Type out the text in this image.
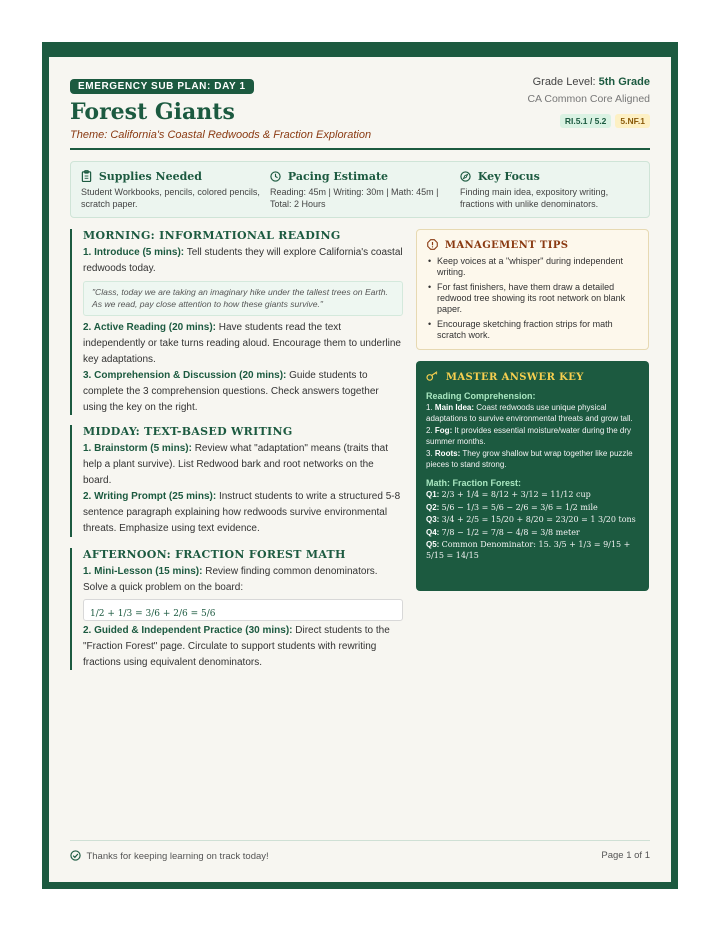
EMERGENCY SUB PLAN: DAY 1
Forest Giants
Theme: California's Coastal Redwoods & Fraction Exploration
Grade Level: 5th Grade
CA Common Core Aligned
RI.5.1 / 5.2 5.NF.1
Supplies Needed
Student Workbooks, pencils, colored pencils, scratch paper.
Pacing Estimate
Reading: 45m | Writing: 30m | Math: 45m | Total: 2 Hours
Key Focus
Finding main idea, expository writing, fractions with unlike denominators.
MORNING: INFORMATIONAL READING
1. Introduce (5 mins): Tell students they will explore California's coastal redwoods today.
"Class, today we are taking an imaginary hike under the tallest trees on Earth. As we read, pay close attention to how these giants survive."
2. Active Reading (20 mins): Have students read the text independently or take turns reading aloud. Encourage them to underline key adaptations.
3. Comprehension & Discussion (20 mins): Guide students to complete the 3 comprehension questions. Check answers together using the key on the right.
MIDDAY: TEXT-BASED WRITING
1. Brainstorm (5 mins): Review what "adaptation" means (traits that help a plant survive). List Redwood bark and root networks on the board.
2. Writing Prompt (25 mins): Instruct students to write a structured 5-8 sentence paragraph explaining how redwoods survive environmental threats. Emphasize using text evidence.
AFTERNOON: FRACTION FOREST MATH
1. Mini-Lesson (15 mins): Review finding common denominators. Solve a quick problem on the board:
1/2 + 1/3 = 3/6 + 2/6 = 5/6
2. Guided & Independent Practice (30 mins): Direct students to the "Fraction Forest" page. Circulate to support students with rewriting fractions using equivalent denominators.
MANAGEMENT TIPS
• Keep voices at a "whisper" during independent writing.
• For fast finishers, have them draw a detailed redwood tree showing its root network on blank paper.
• Encourage sketching fraction strips for math scratch work.
MASTER ANSWER KEY
Reading Comprehension:
1. Main Idea: Coast redwoods use unique physical adaptations to survive environmental threats and grow tall.
2. Fog: It provides essential moisture/water during the dry summer months.
3. Roots: They grow shallow but wrap together like puzzle pieces to stand strong.
Math: Fraction Forest:
Q1: 2/3 + 1/4 = 8/12 + 3/12 = 11/12 cup
Q2: 5/6 − 1/3 = 5/6 − 2/6 = 3/6 = 1/2 mile
Q3: 3/4 + 2/5 = 15/20 + 8/20 = 23/20 = 1 3/20 tons
Q4: 7/8 − 1/2 = 7/8 − 4/8 = 3/8 meter
Q5: Common Denominator: 15. 3/5 + 1/3 = 9/15 + 5/15 = 14/15
Thanks for keeping learning on track today!	Page 1 of 1
